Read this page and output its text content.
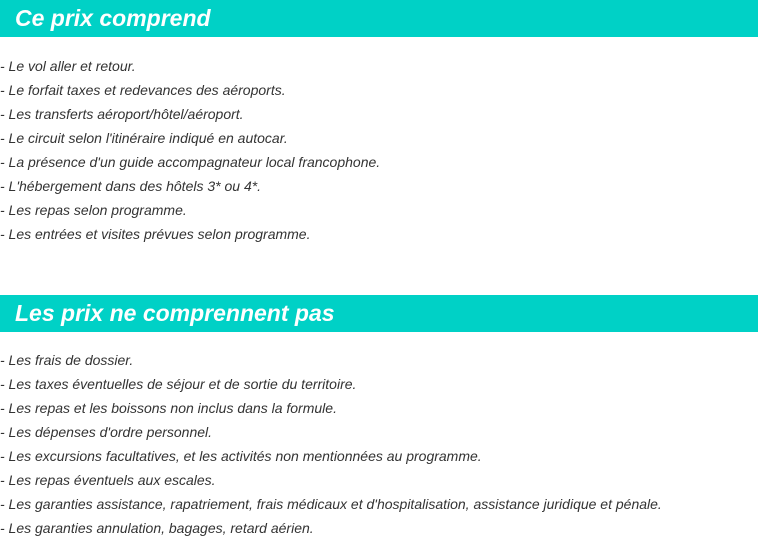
Ce prix comprend
- Le vol aller et retour.
- Le forfait taxes et redevances des aéroports.
- Les transferts aéroport/hôtel/aéroport.
- Le circuit selon l'itinéraire indiqué en autocar.
- La présence d'un guide accompagnateur local francophone.
- L'hébergement dans des hôtels 3* ou 4*.
- Les repas selon programme.
- Les entrées et visites prévues selon programme.
Les prix ne comprennent pas
- Les frais de dossier.
- Les taxes éventuelles de séjour et de sortie du territoire.
- Les repas et les boissons non inclus dans la formule.
- Les dépenses d'ordre personnel.
- Les excursions facultatives, et les activités non mentionnées au programme.
- Les repas éventuels aux escales.
- Les garanties assistance, rapatriement, frais médicaux et d'hospitalisation, assistance juridique et pénale.
- Les garanties annulation, bagages, retard aérien.
